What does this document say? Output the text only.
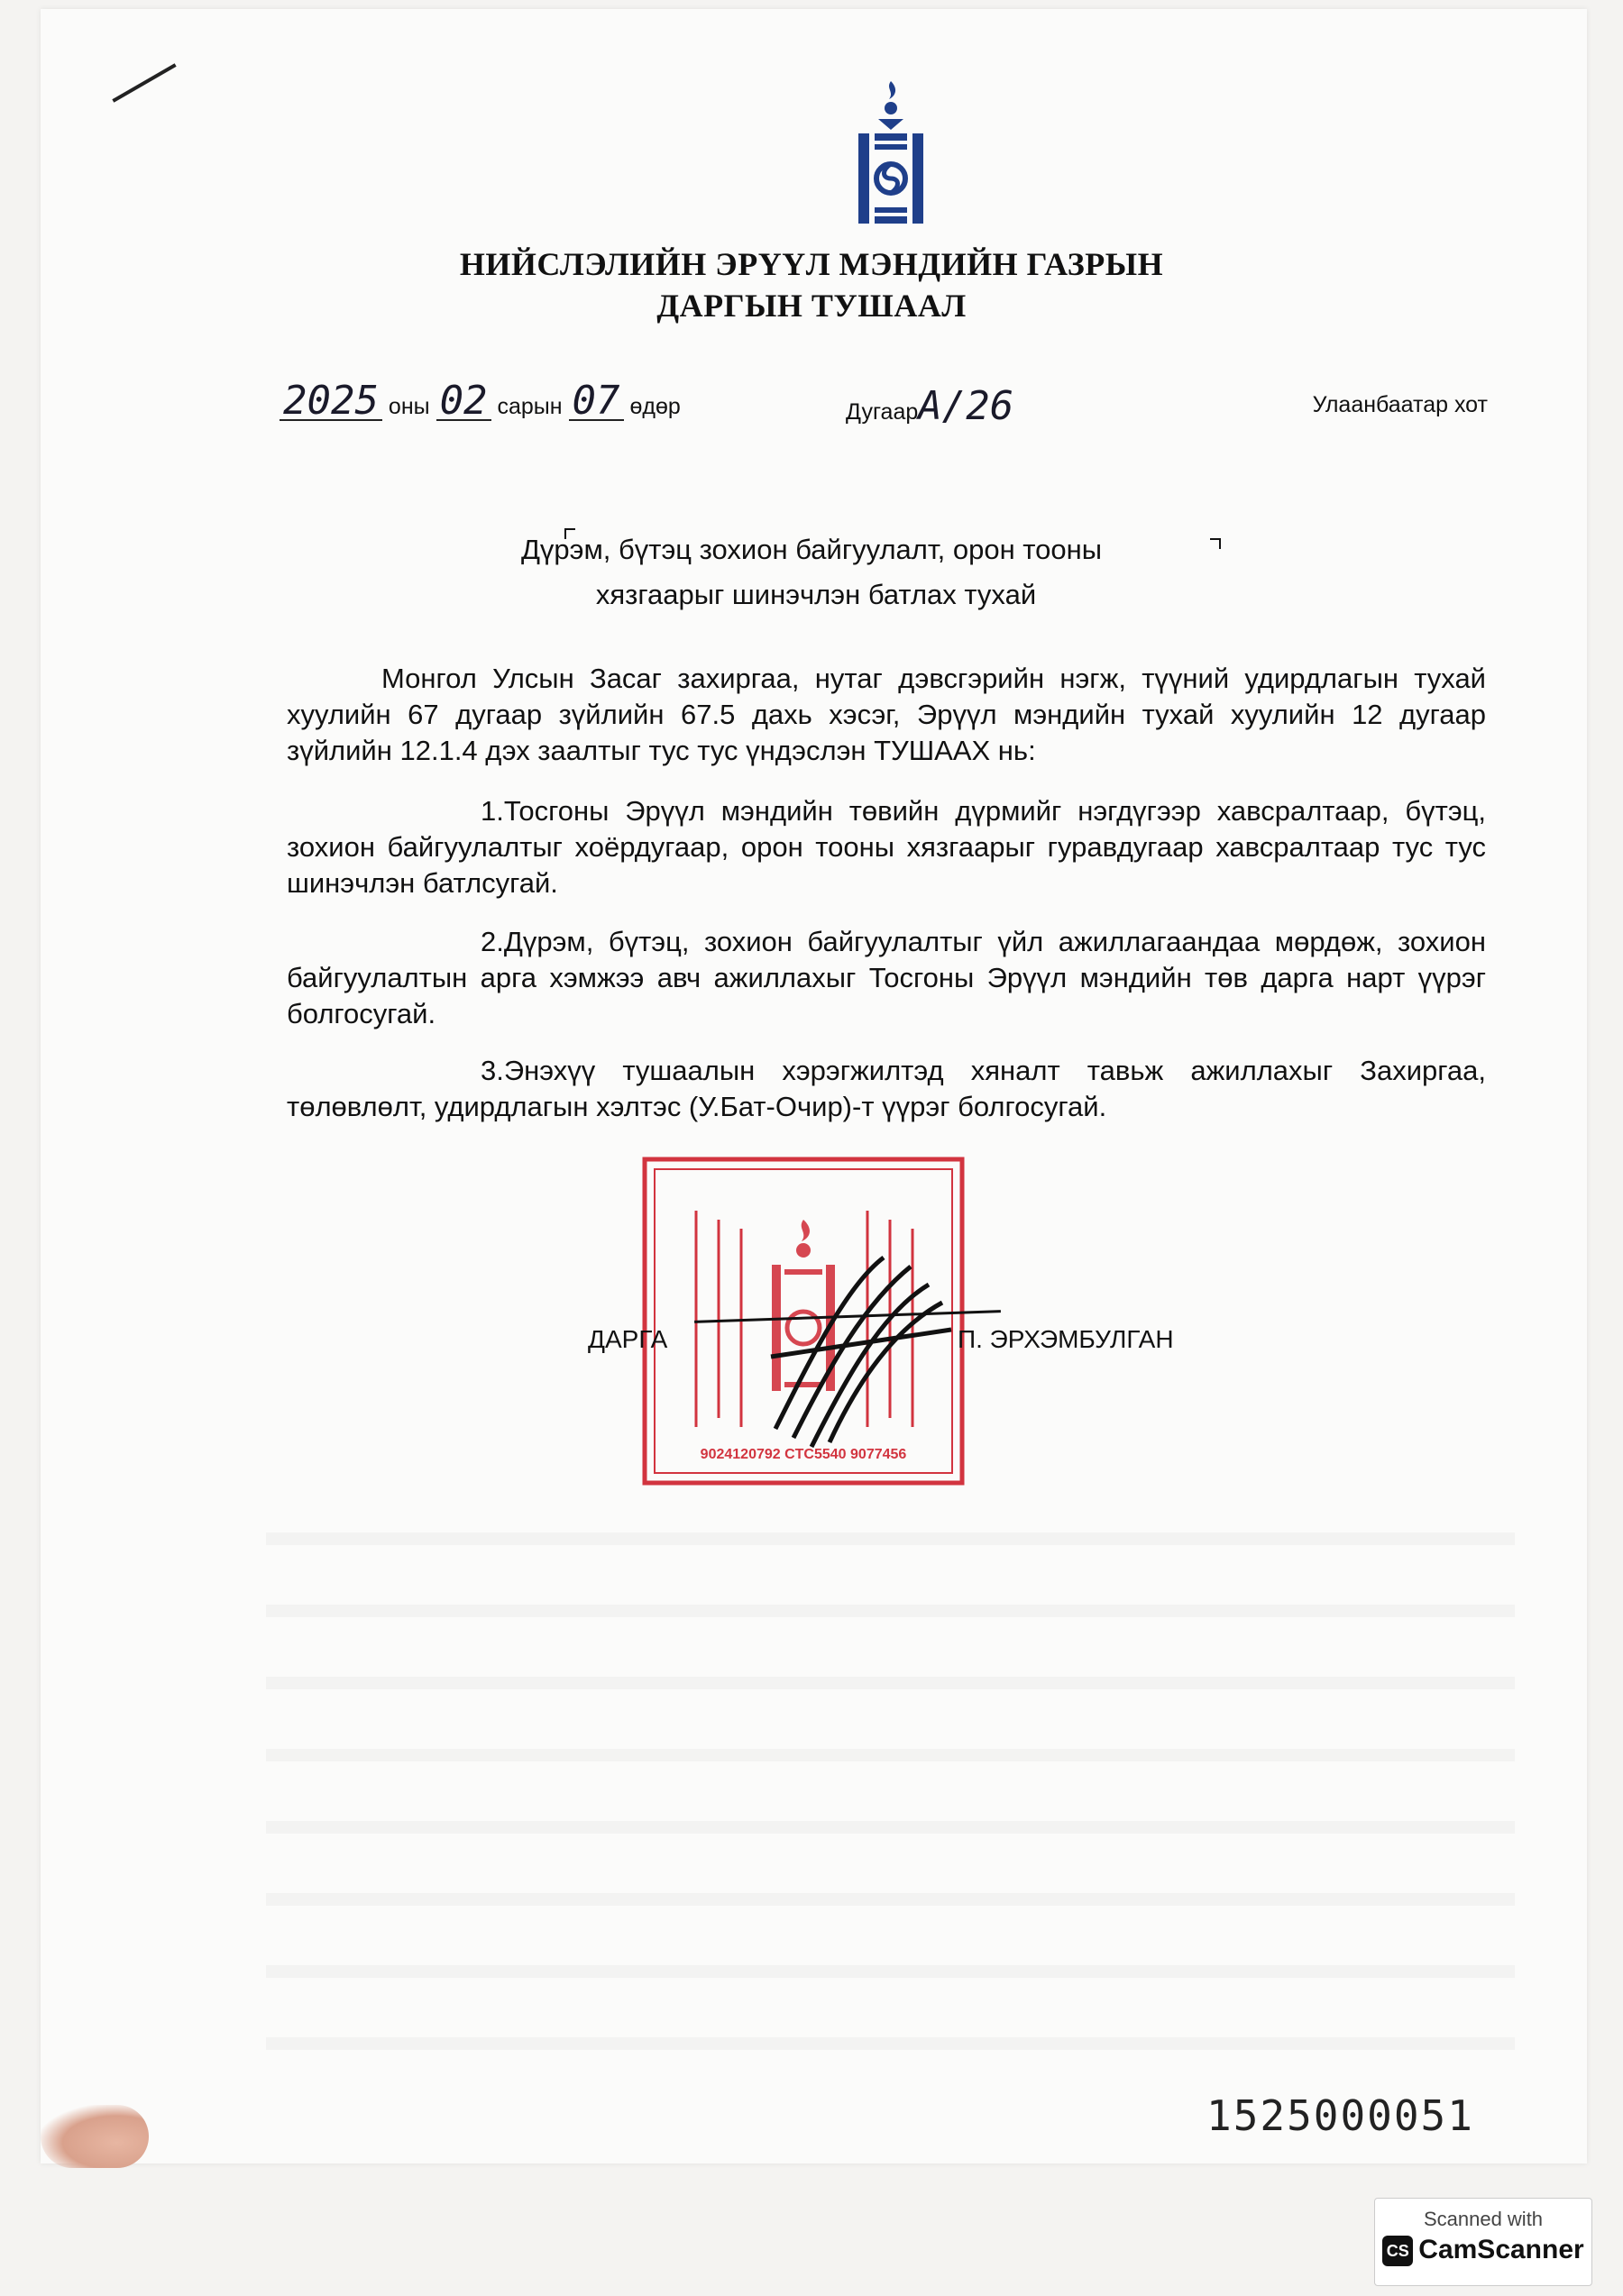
НИЙСЛЭЛИЙН ЭРҮҮЛ МЭНДИЙН ГАЗРЫН
ДАРГЫН ТУШААЛ
2025 оны 02 сарын 07 өдөр	ДугаарA/26	Улаанбаатар хот
Дүрэм, бүтэц зохион байгуулалт, орон тооны
хязгаарыг шинэчлэн батлах тухай
Монгол Улсын Засаг захиргаа, нутаг дэвсгэрийн нэгж, түүний удирдлагын тухай хуулийн 67 дугаар зүйлийн 67.5 дахь хэсэг, Эрүүл мэндийн тухай хуулийн 12 дугаар зүйлийн 12.1.4 дэх заалтыг тус тус үндэслэн ТУШААХ нь:
1.Тосгоны Эрүүл мэндийн төвийн дүрмийг нэгдүгээр хавсралтаар, бүтэц, зохион байгуулалтыг хоёрдугаар, орон тооны хязгаарыг гуравдугаар хавсралтаар тус тус шинэчлэн батлсугай.
2.Дүрэм, бүтэц, зохион байгуулалтыг үйл ажиллагаандаа мөрдөж, зохион байгуулалтын арга хэмжээ авч ажиллахыг Тосгоны Эрүүл мэндийн төв дарга нарт үүрэг болгосугай.
3.Энэхүү тушаалын хэрэгжилтэд хяналт тавьж ажиллахыг Захиргаа, төлөвлөлт, удирдлагын хэлтэс (У.Бат-Очир)-т үүрэг болгосугай.
9024120792 CTC5540 9077456
ДАРГА	П. ЭРХЭМБУЛГАН
1525000051
Scanned with
CS CamScanner
